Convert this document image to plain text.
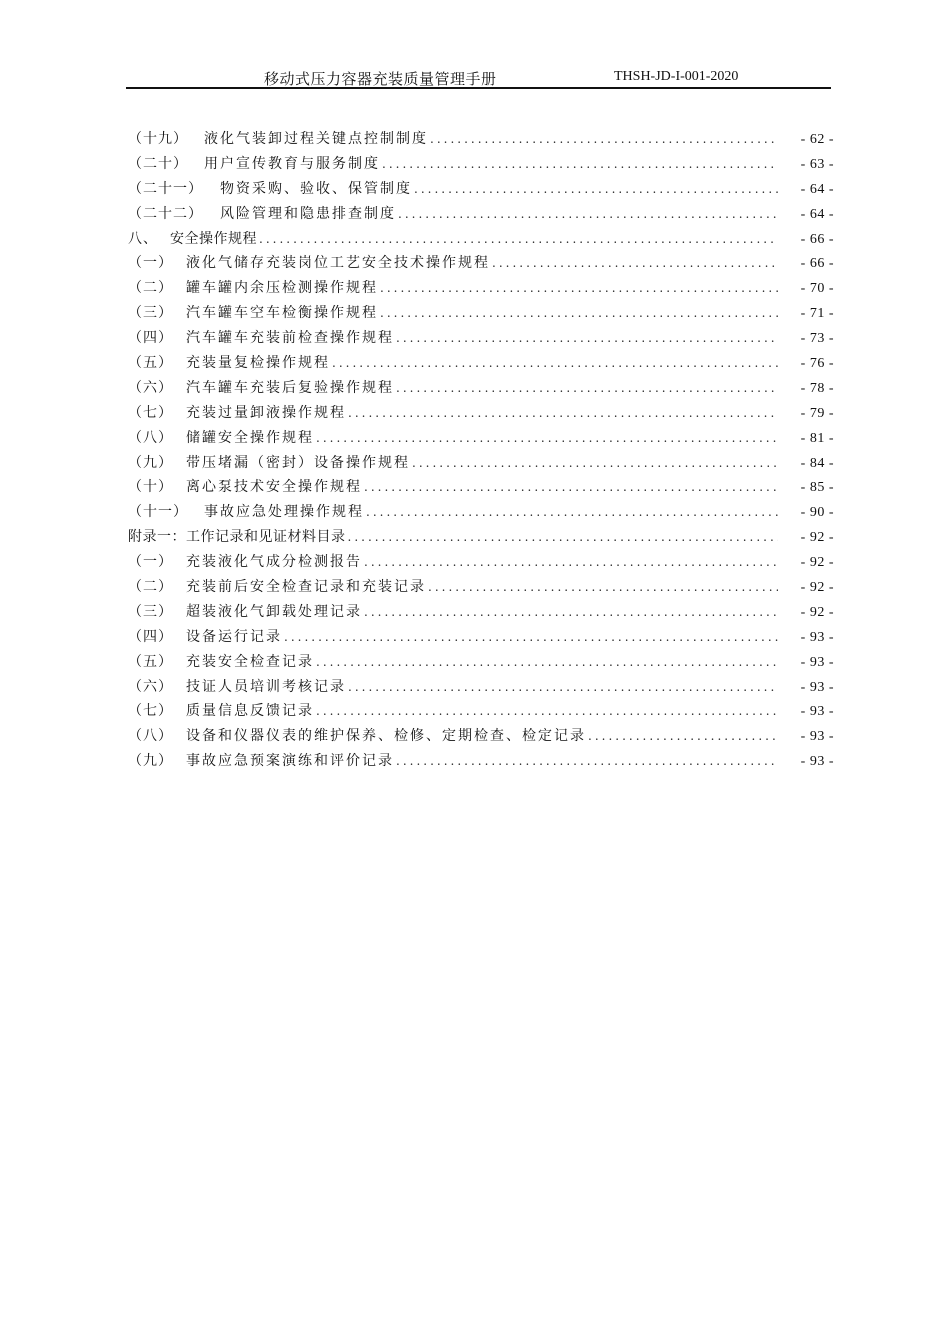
移动式压力容器充装质量管理手册	THSH-JD-I-001-2020
（十九）	液化气装卸过程关键点控制制度 .....	- 62 -
（二十）	用户宣传教育与服务制度 .....	- 63 -
（二十一）	物资采购、验收、保管制度 .....	- 64 -
（二十二）	风险管理和隐患排查制度 .....	- 64 -
八、 安全操作规程 .....	- 66 -
（一） 液化气储存充装岗位工艺安全技术操作规程 .....	- 66 -
（二） 罐车罐内余压检测操作规程 .....	- 70 -
（三） 汽车罐车空车检衡操作规程 .....	- 71 -
（四） 汽车罐车充装前检查操作规程 .....	- 73 -
（五） 充装量复检操作规程 .....	- 76 -
（六） 汽车罐车充装后复验操作规程 .....	- 78 -
（七） 充装过量卸液操作规程 .....	- 79 -
（八） 储罐安全操作规程 .....	- 81 -
（九） 带压堵漏（密封）设备操作规程 .....	- 84 -
（十） 离心泵技术安全操作规程 .....	- 85 -
（十一）	事故应急处理操作规程 .....	- 90 -
附录一：工作记录和见证材料目录 .....	- 92 -
（一） 充装液化气成分检测报告 .....	- 92 -
（二） 充装前后安全检查记录和充装记录 .....	- 92 -
（三） 超装液化气卸载处理记录 .....	- 92 -
（四） 设备运行记录 .....	- 93 -
（五） 充装安全检查记录 .....	- 93 -
（六） 技证人员培训考核记录 .....	- 93 -
（七） 质量信息反馈记录 .....	- 93 -
（八） 设备和仪器仪表的维护保养、检修、定期检查、检定记录 .....	- 93 -
（九） 事故应急预案演练和评价记录 .....	- 93 -
